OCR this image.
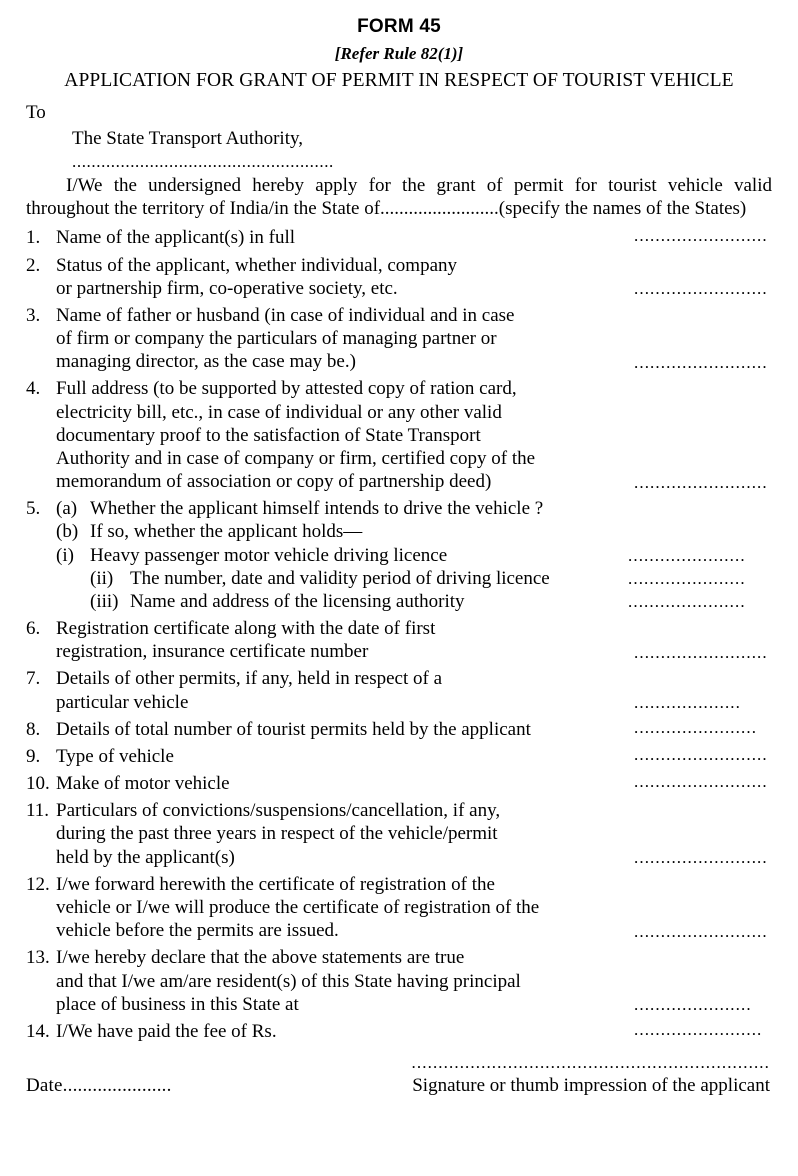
FORM 45
[Refer Rule 82(1)]
APPLICATION FOR GRANT OF PERMIT IN RESPECT OF TOURIST VEHICLE
To
The State Transport Authority,
......................................................
I/We the undersigned hereby apply for the grant of permit for tourist vehicle valid throughout the territory of India/in the State of.........................(specify the names of the States)
1. Name of the applicant(s) in full	.........................
2. Status of the applicant, whether individual, company
or partnership firm, co-operative society, etc.	.........................
3. Name of father or husband (in case of individual and in case
of firm or company the particulars of managing partner or
managing director, as the case may be.)	.........................
4. Full address (to be supported by attested copy of ration card,
electricity bill, etc., in case of individual or any other valid
documentary proof to the satisfaction of State Transport
Authority and in case of company or firm, certified copy of the
memorandum of association or copy of partnership deed)	.........................
5. (a) Whether the applicant himself intends to drive the vehicle ?
(b) If so, whether the applicant holds—
(i) Heavy passenger motor vehicle driving licence	......................
(ii) The number, date and validity period of driving licence	......................
(iii) Name and address of the licensing authority	......................
6. Registration certificate along with the date of first
registration, insurance certificate number	.........................
7. Details of other permits, if any, held in respect of a
particular vehicle	....................
8. Details of total number of tourist permits held by the applicant	.......................
9. Type of vehicle	.........................
10. Make of motor vehicle	.........................
11. Particulars of convictions/suspensions/cancellation, if any,
during the past three years in respect of the vehicle/permit
held by the applicant(s)	.........................
12. I/we forward herewith the certificate of registration of the
vehicle or I/we will produce the certificate of registration of the
vehicle before the permits are issued.	.........................
13. I/we hereby declare that the above statements are true
and that I/we am/are resident(s) of this State having principal
place of business in this State at	......................
14. I/We have paid the fee of Rs.	........................
...................................................................
Date......................	Signature or thumb impression of the applicant
